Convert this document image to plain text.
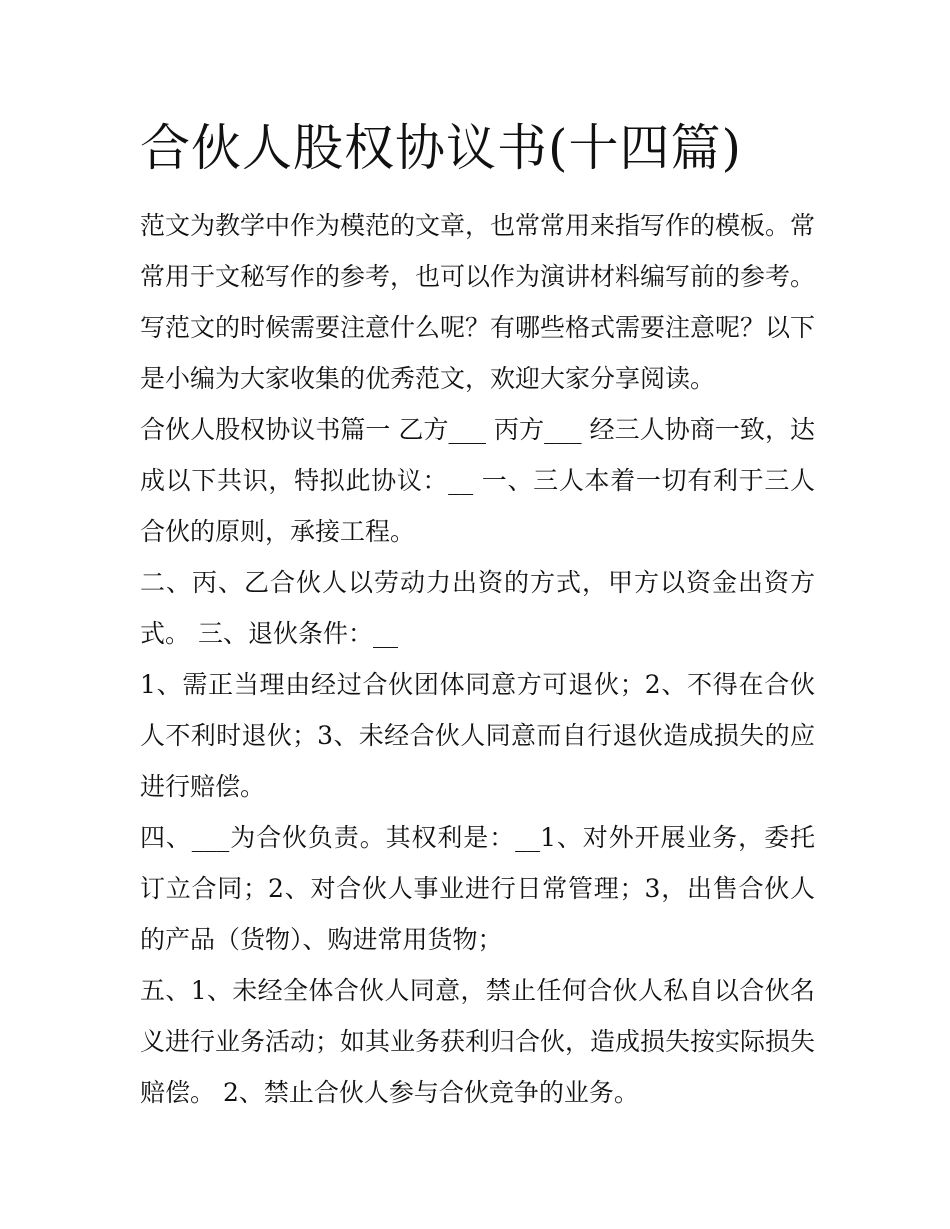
合伙人股权协议书(十四篇)

范文为教学中作为模范的文章，也常常用来指写作的模板。常常用于文秘写作的参考，也可以作为演讲材料编写前的参考。写范文的时候需要注意什么呢？有哪些格式需要注意呢？以下是小编为大家收集的优秀范文，欢迎大家分享阅读。

合伙人股权协议书篇一 乙方___ 丙方___ 经三人协商一致，达成以下共识，特拟此协议：__ 一、三人本着一切有利于三人合伙的原则，承接工程。

二、丙、乙合伙人以劳动力出资的方式，甲方以资金出资方式。 三、退伙条件：__

1、需正当理由经过合伙团体同意方可退伙；2、不得在合伙人不利时退伙；3、未经合伙人同意而自行退伙造成损失的应进行赔偿。

四、___为合伙负责。其权利是：__1、对外开展业务，委托订立合同；2、对合伙人事业进行日常管理；3，出售合伙人的产品（货物）、购进常用货物；

五、1、未经全体合伙人同意，禁止任何合伙人私自以合伙名义进行业务活动；如其业务获利归合伙，造成损失按实际损失赔偿。 2、禁止合伙人参与合伙竞争的业务。
